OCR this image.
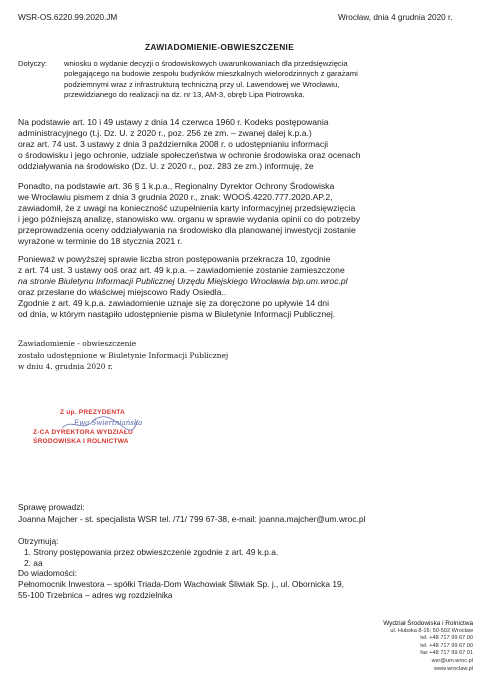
WSR-OS.6220.99.2020.JM	Wrocław, dnia 4 grudnia 2020 r.
ZAWIADOMIENIE-OBWIESZCZENIE
Dotyczy: wniosku o wydanie decyzji o środowiskowych uwarunkowaniach dla przedsięwzięcia
polegającego na budowie zespołu budynków mieszkalnych wielorodzinnych z garażami
podziemnymi wraz z infrastrukturą techniczną przy ul. Lawendowej we Wrocławiu,
przewidzianego do realizacji na dz. nr 13, AM-3, obręb Lipa Piotrowska.
Na podstawie art. 10 i 49 ustawy z dnia 14 czerwca 1960 r. Kodeks postępowania
administracyjnego (t.j. Dz. U. z 2020 r., poz. 256 ze zm. – zwanej dalej k.p.a.)
oraz art. 74 ust. 3 ustawy z dnia 3 października 2008 r. o udostępnianiu informacji
o środowisku i jego ochronie, udziale społeczeństwa w ochronie środowiska oraz ocenach
oddziaływania na środowisko (Dz. U. z 2020 r., poz. 283 ze zm.) informuję, że
Ponadto, na podstawie art. 36 § 1 k.p.a., Regionalny Dyrektor Ochrony Środowiska
we Wrocławiu pismem z dnia 3 grudnia 2020 r., znak: WOOŚ.4220.777.2020.AP.2,
zawiadomił, że z uwagi na konieczność uzupełnienia karty informacyjnej przedsięwzięcia
i jego późniejszą analizę, stanowisko ww. organu w sprawie wydania opinii co do potrzeby
przeprowadzenia oceny oddziaływania na środowisko dla planowanej inwestycji zostanie
wyrażone w terminie do 18 stycznia 2021 r.
Ponieważ w powyższej sprawie liczba stron postępowania przekracza 10, zgodnie
z art. 74 ust. 3 ustawy ooś oraz art. 49 k.p.a. – zawiadomienie zostanie zamieszczone
na stronie Biuletynu Informacji Publicznej Urzędu Miejskiego Wrocławia bip.um.wroc.pl
oraz przesłane do właściwej miejscowo Rady Osiedla..
Zgodnie z art. 49 k.p.a. zawiadomienie uznaje się za doręczone po upływie 14 dni
od dnia, w którym nastąpiło udostępnienie pisma w Biuletynie Informacji Publicznej.
Zawiadomienie - obwieszczenie
zostało udostępnione w Biuletynie Informacji Publicznej
w dniu 4. grudnia 2020 r.
Z up. PREZYDENTA
Ewa Świertniańska
Z-CA DYREKTORA WYDZIAŁU
ŚRODOWISKA I ROLNICTWA
Sprawę prowadzi:
Joanna Majcher - st. specjalista WSR tel. /71/ 799 67-38, e-mail: joanna.majcher@um.wroc.pl
Otrzymują:
1. Strony postępowania przez obwieszczenie zgodnie z art. 49 k.p.a.
2. aa
Do wiadomości:
Pełnomocnik Inwestora – spółki Triada-Dom Wachowiak Śliwiak Sp. j., ul. Obornicka 19,
55-100 Trzebnica – adres wg rozdzielnika
Wydział Środowiska i Rolnictwa
ul. Hubska 8-16; 50-502 Wrocław
tel. +48 717 99 67 00
tel. +48 717 99 67 00
fax +48 717 99 67 01
wsr@um.wroc.pl
www.wroclaw.pl
